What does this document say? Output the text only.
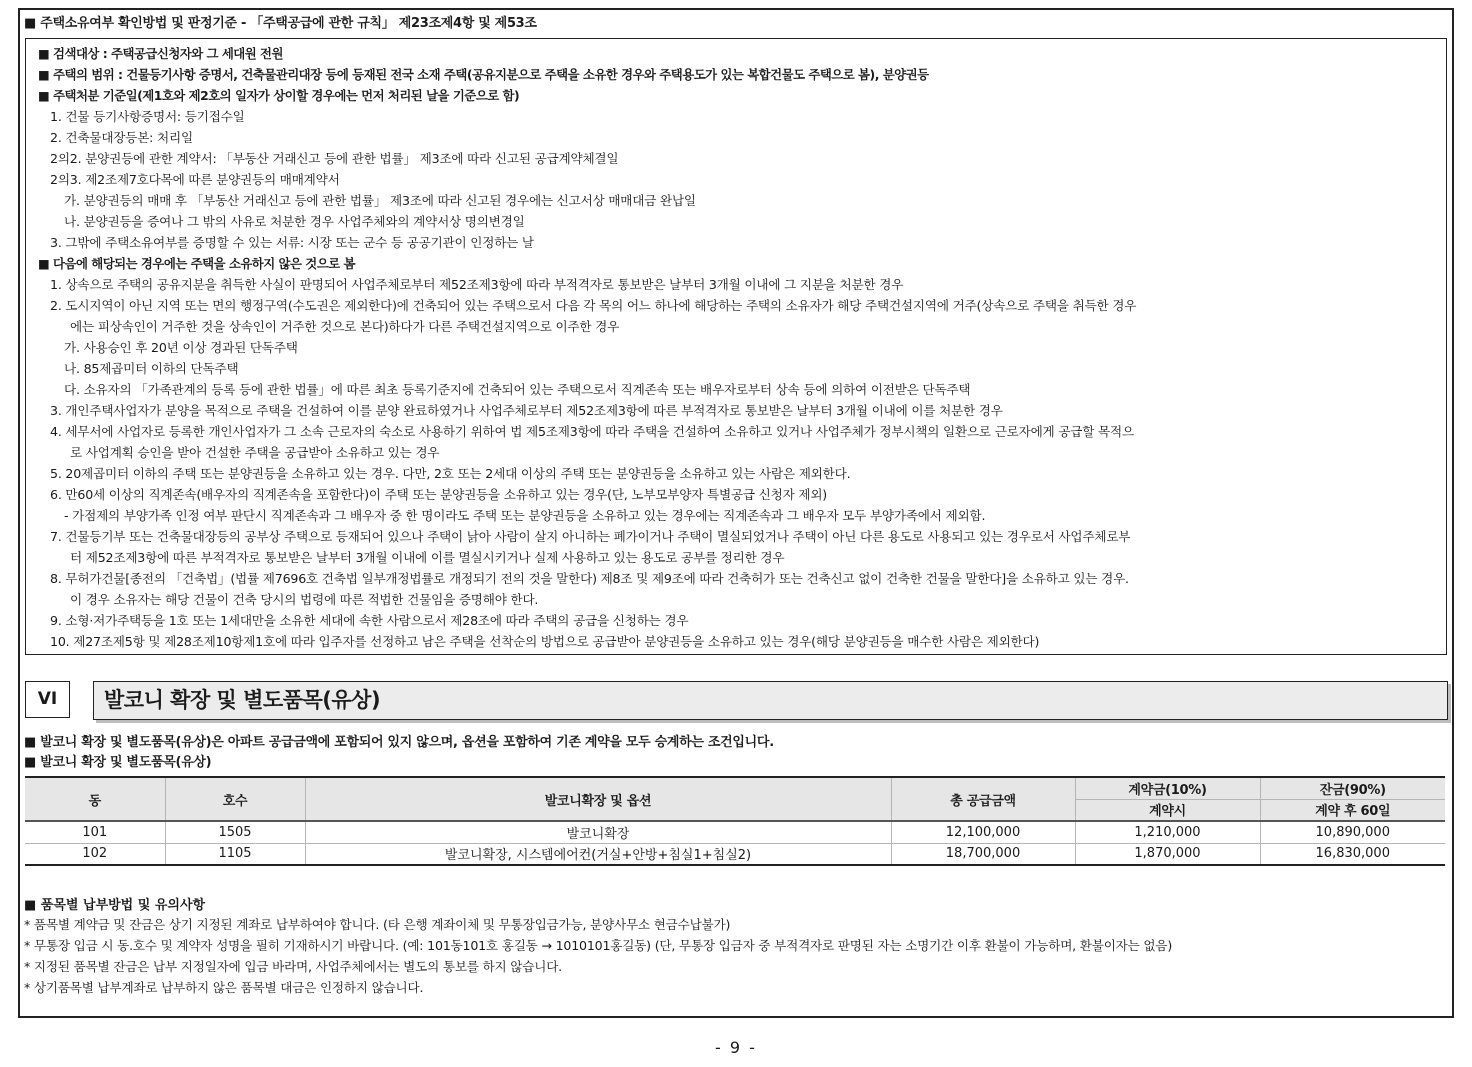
■ 주택소유여부 확인방법 및 판정기준 - 「주택공급에 관한 규칙」 제23조제4항 및 제53조
■ 검색대상 : 주택공급신청자와 그 세대원 전원
■ 주택의 범위 : 건물등기사항 증명서, 건축물관리대장 등에 등재된 전국 소재 주택(공유지분으로 주택을 소유한 경우와 주택용도가 있는 복합건물도 주택으로 봄), 분양권등
■ 주택처분 기준일(제1호와 제2호의 일자가 상이할 경우에는 먼저 처리된 날을 기준으로 함)
1. 건물 등기사항증명서: 등기접수일
2. 건축물대장등본: 처리일
2의2. 분양권등에 관한 계약서: 「부동산 거래신고 등에 관한 법률」 제3조에 따라 신고된 공급계약체결일
2의3. 제2조제7호다목에 따른 분양권등의 매매계약서
가. 분양권등의 매매 후 「부동산 거래신고 등에 관한 법률」 제3조에 따라 신고된 경우에는 신고서상 매매대금 완납일
나. 분양권등을 증여나 그 밖의 사유로 처분한 경우 사업주체와의 계약서상 명의변경일
3. 그밖에 주택소유여부를 증명할 수 있는 서류: 시장 또는 군수 등 공공기관이 인정하는 날
■ 다음에 해당되는 경우에는 주택을 소유하지 않은 것으로 봄
1. 상속으로 주택의 공유지분을 취득한 사실이 판명되어 사업주체로부터 제52조제3항에 따라 부적격자로 통보받은 날부터 3개월 이내에 그 지분을 처분한 경우
2. 도시지역이 아닌 지역 또는 면의 행정구역(수도권은 제외한다)에 건축되어 있는 주택으로서 다음 각 목의 어느 하나에 해당하는 주택의 소유자가 해당 주택건설지역에 거주(상속으로 주택을 취득한 경우
에는 피상속인이 거주한 것을 상속인이 거주한 것으로 본다)하다가 다른 주택건설지역으로 이주한 경우
가. 사용승인 후 20년 이상 경과된 단독주택
나. 85제곱미터 이하의 단독주택
다. 소유자의 「가족관계의 등록 등에 관한 법률」에 따른 최초 등록기준지에 건축되어 있는 주택으로서 직계존속 또는 배우자로부터 상속 등에 의하여 이전받은 단독주택
3. 개인주택사업자가 분양을 목적으로 주택을 건설하여 이를 분양 완료하였거나 사업주체로부터 제52조제3항에 따른 부적격자로 통보받은 날부터 3개월 이내에 이를 처분한 경우
4. 세무서에 사업자로 등록한 개인사업자가 그 소속 근로자의 숙소로 사용하기 위하여 법 제5조제3항에 따라 주택을 건설하여 소유하고 있거나 사업주체가 정부시책의 일환으로 근로자에게 공급할 목적으
로 사업계획 승인을 받아 건설한 주택을 공급받아 소유하고 있는 경우
5. 20제곱미터 이하의 주택 또는 분양권등을 소유하고 있는 경우. 다만, 2호 또는 2세대 이상의 주택 또는 분양권등을 소유하고 있는 사람은 제외한다.
6. 만60세 이상의 직계존속(배우자의 직계존속을 포함한다)이 주택 또는 분양권등을 소유하고 있는 경우(단, 노부모부양자 특별공급 신청자 제외)
- 가점제의 부양가족 인정 여부 판단시 직계존속과 그 배우자 중 한 명이라도 주택 또는 분양권등을 소유하고 있는 경우에는 직계존속과 그 배우자 모두 부양가족에서 제외함.
7. 건물등기부 또는 건축물대장등의 공부상 주택으로 등재되어 있으나 주택이 낡아 사람이 살지 아니하는 폐가이거나 주택이 멸실되었거나 주택이 아닌 다른 용도로 사용되고 있는 경우로서 사업주체로부
터 제52조제3항에 따른 부적격자로 통보받은 날부터 3개월 이내에 이를 멸실시키거나 실제 사용하고 있는 용도로 공부를 정리한 경우
8. 무허가건물[종전의 「건축법」(법률 제7696호 건축법 일부개정법률로 개정되기 전의 것을 말한다) 제8조 및 제9조에 따라 건축허가 또는 건축신고 없이 건축한 건물을 말한다]을 소유하고 있는 경우.
이 경우 소유자는 해당 건물이 건축 당시의 법령에 따른 적법한 건물임을 증명해야 한다.
9. 소형·저가주택등을 1호 또는 1세대만을 소유한 세대에 속한 사람으로서 제28조에 따라 주택의 공급을 신청하는 경우
10. 제27조제5항 및 제28조제10항제1호에 따라 입주자를 선정하고 남은 주택을 선착순의 방법으로 공급받아 분양권등을 소유하고 있는 경우(해당 분양권등을 매수한 사람은 제외한다)
VI	발코니 확장 및 별도품목(유상)
■ 발코니 확장 및 별도품목(유상)은 아파트 공급금액에 포함되어 있지 않으며, 옵션을 포함하여 기존 계약을 모두 승계하는 조건입니다.
■ 발코니 확장 및 별도품목(유상)
동	호수	발코니확장 및 옵션	총 공급금액	계약금(10%)	잔금(90%)
				계약시	계약 후 60일
101	1505	발코니확장	12,100,000	1,210,000	10,890,000
102	1105	발코니확장, 시스템에어컨(거실+안방+침실1+침실2)	18,700,000	1,870,000	16,830,000
■ 품목별 납부방법 및 유의사항
* 품목별 계약금 및 잔금은 상기 지정된 계좌로 납부하여야 합니다. (타 은행 계좌이체 및 무통장입금가능, 분양사무소 현금수납불가)
* 무통장 입금 시 동.호수 및 계약자 성명을 필히 기재하시기 바랍니다. (예: 101동101호 홍길동 → 1010101홍길동) (단, 무통장 입금자 중 부적격자로 판명된 자는 소명기간 이후 환불이 가능하며, 환불이자는 없음)
* 지정된 품목별 잔금은 납부 지정일자에 입금 바라며, 사업주체에서는 별도의 통보를 하지 않습니다.
* 상기품목별 납부계좌로 납부하지 않은 품목별 대금은 인정하지 않습니다.
- 9 -
